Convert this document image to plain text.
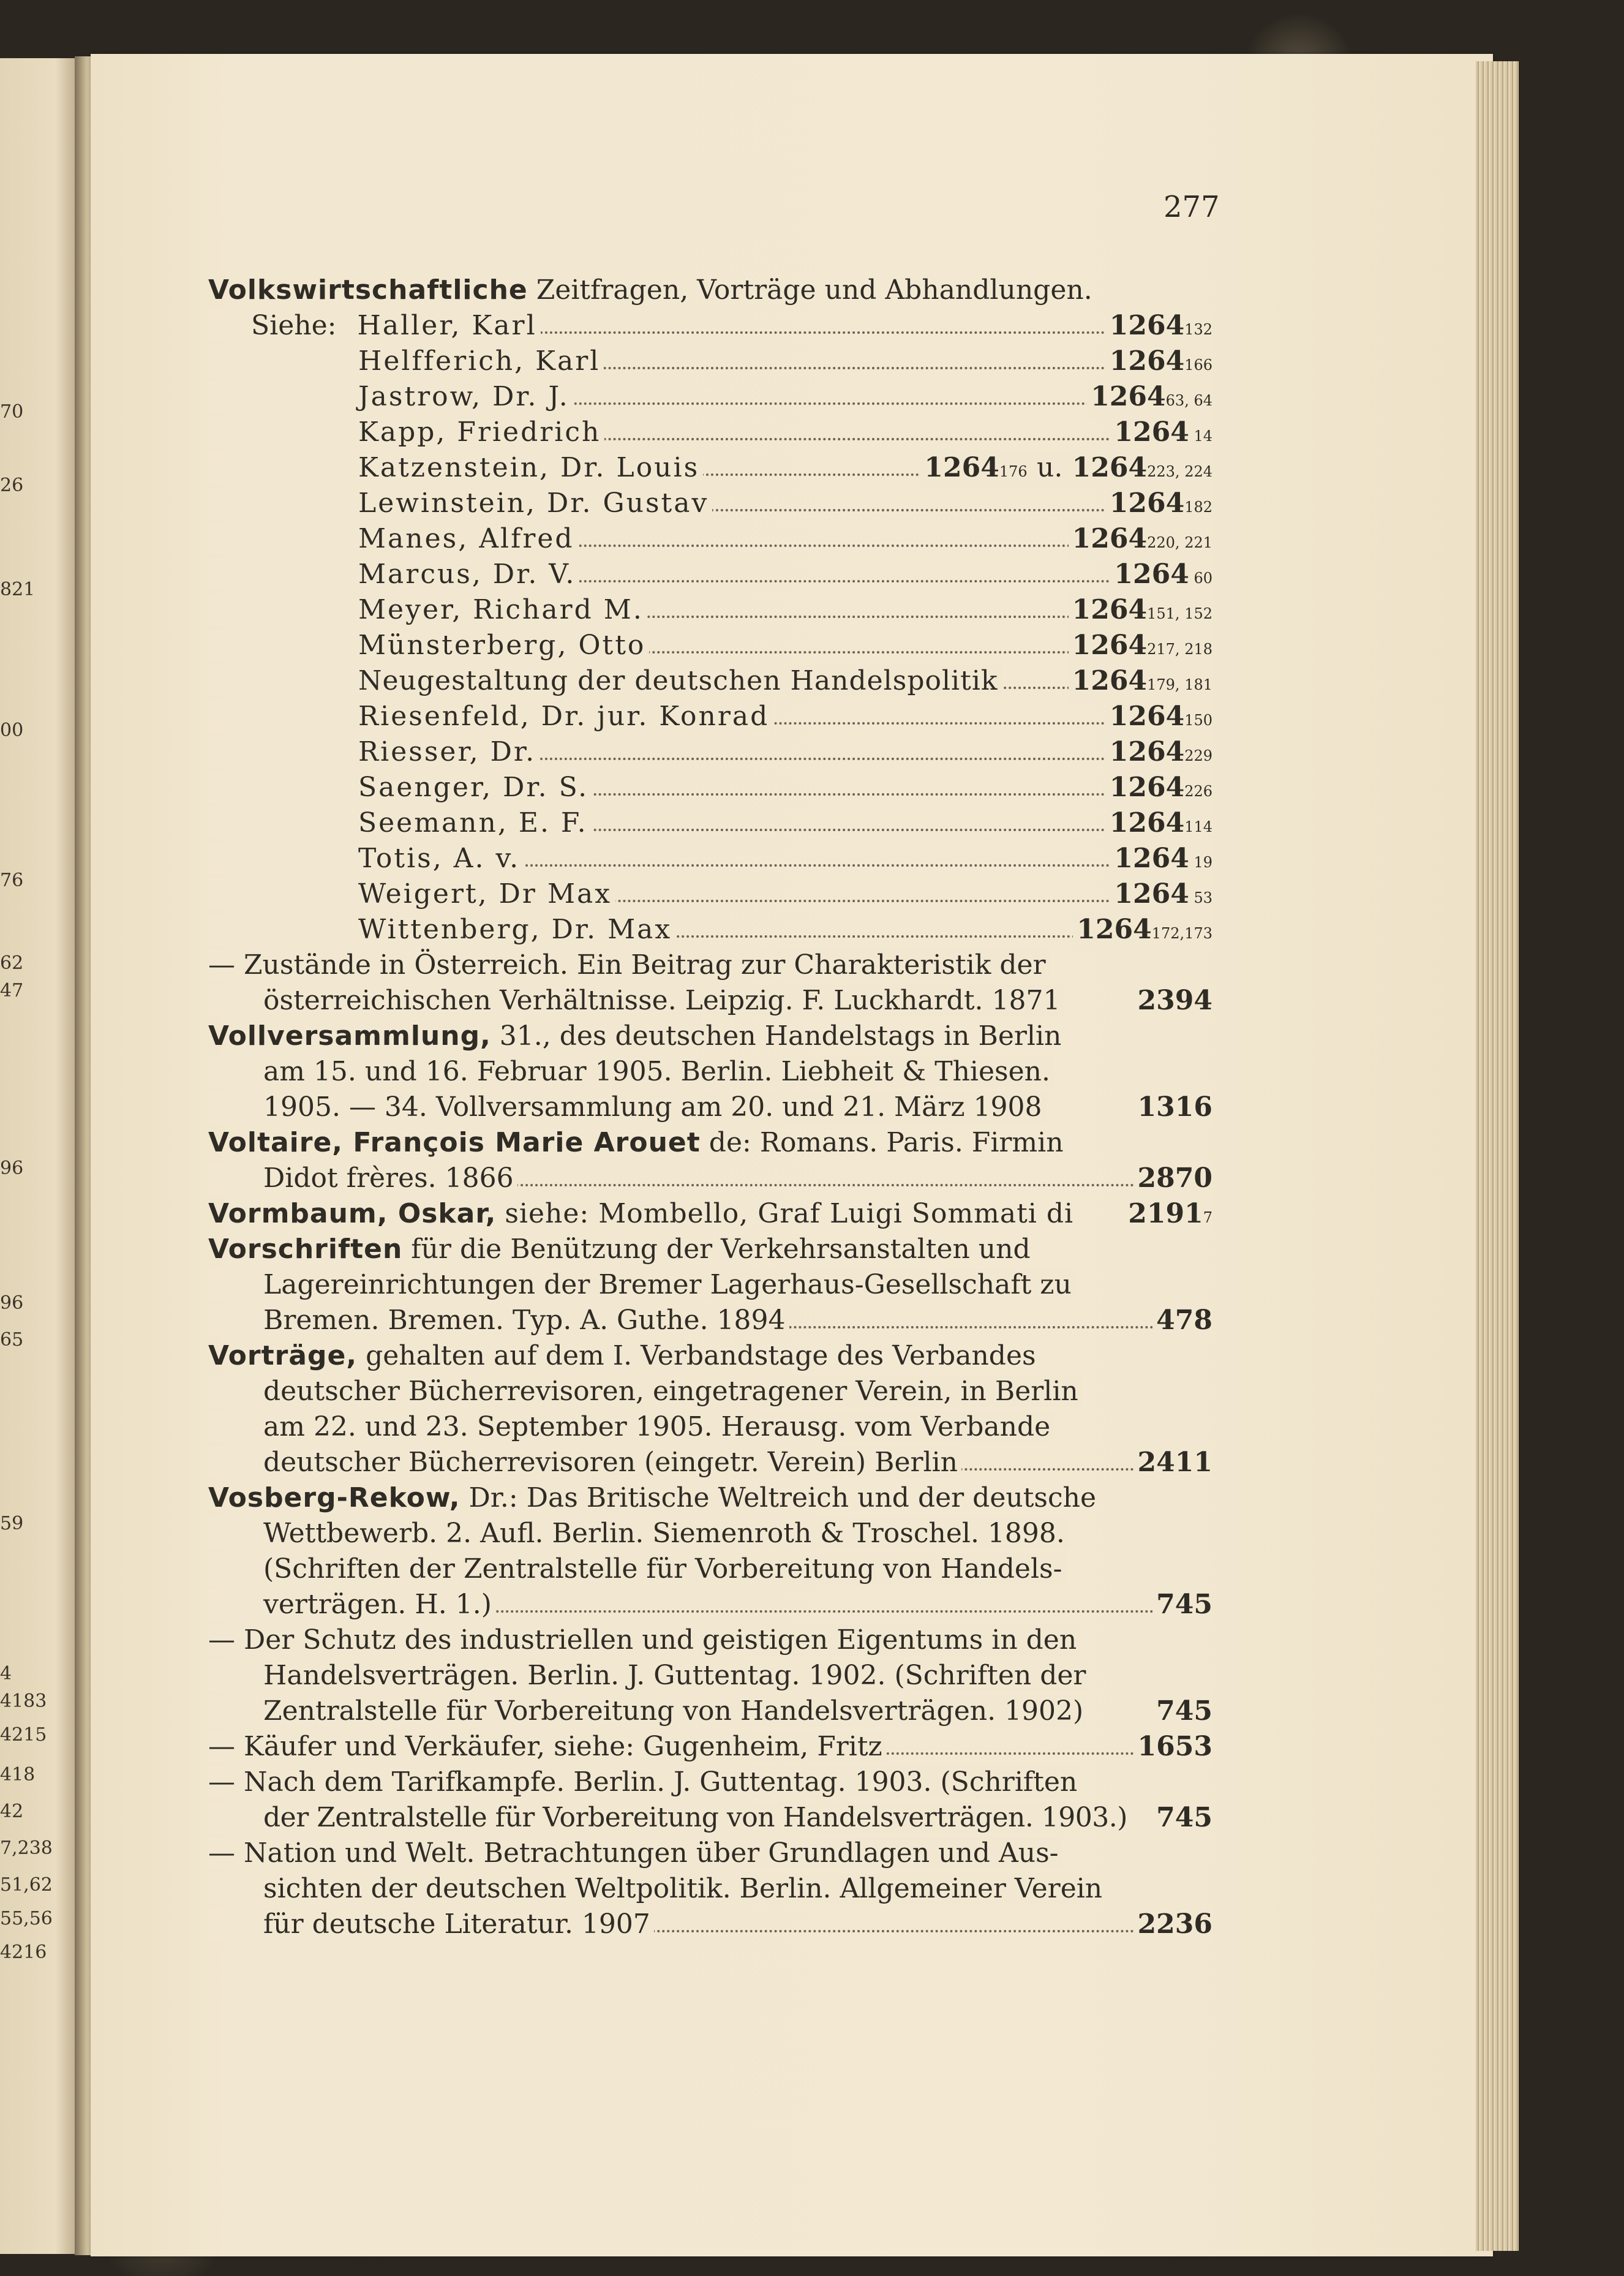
70
26
821
00
76
62
47
96
96
65
59
4
4183
4215
418
42
7,238
51,62
55,56
4216
277
Volkswirtschaftliche Zeitfragen, Vorträge und Abhandlungen.
Siehe: Haller, Karl	1264132
Helfferich, Karl	1264166
Jastrow, Dr. J.	126463, 64
Kapp, Friedrich	1264 14
Katzenstein, Dr. Louis	1264176 u. 1264223, 224
Lewinstein, Dr. Gustav	1264182
Manes, Alfred	1264220, 221
Marcus, Dr. V.	1264 60
Meyer, Richard M.	1264151, 152
Münsterberg, Otto	1264217, 218
Neugestaltung der deutschen Handelspolitik	1264179, 181
Riesenfeld, Dr. jur. Konrad	1264150
Riesser, Dr.	1264229
Saenger, Dr. S.	1264226
Seemann, E. F.	1264114
Totis, A. v.	1264 19
Weigert, Dr Max	1264 53
Wittenberg, Dr. Max	1264172,173
— Zustände in Österreich. Ein Beitrag zur Charakteristik der
österreichischen Verhältnisse. Leipzig. F. Luckhardt. 1871	2394
Vollversammlung, 31., des deutschen Handelstags in Berlin
am 15. und 16. Februar 1905. Berlin. Liebheit & Thiesen.
1905. — 34. Vollversammlung am 20. und 21. März 1908	1316
Voltaire, François Marie Arouet de: Romans. Paris. Firmin
Didot frères. 1866	2870
Vormbaum, Oskar, siehe: Mombello, Graf Luigi Sommati di 21917
Vorschriften für die Benützung der Verkehrsanstalten und
Lagereinrichtungen der Bremer Lagerhaus-Gesellschaft zu
Bremen. Bremen. Typ. A. Guthe. 1894	478
Vorträge, gehalten auf dem I. Verbandstage des Verbandes
deutscher Bücherrevisoren, eingetragener Verein, in Berlin
am 22. und 23. September 1905. Herausg. vom Verbande
deutscher Bücherrevisoren (eingetr. Verein) Berlin	2411
Vosberg-Rekow, Dr.: Das Britische Weltreich und der deutsche
Wettbewerb. 2. Aufl. Berlin. Siemenroth & Troschel. 1898.
(Schriften der Zentralstelle für Vorbereitung von Handels-
verträgen. H. 1.)	745
— Der Schutz des industriellen und geistigen Eigentums in den
Handelsverträgen. Berlin. J. Guttentag. 1902. (Schriften der
Zentralstelle für Vorbereitung von Handelsverträgen. 1902)	745
— Käufer und Verkäufer, siehe: Gugenheim, Fritz	1653
— Nach dem Tarifkampfe. Berlin. J. Guttentag. 1903. (Schriften
der Zentralstelle für Vorbereitung von Handelsverträgen. 1903.) 745
— Nation und Welt. Betrachtungen über Grundlagen und Aus-
sichten der deutschen Weltpolitik. Berlin. Allgemeiner Verein
für deutsche Literatur. 1907	2236
